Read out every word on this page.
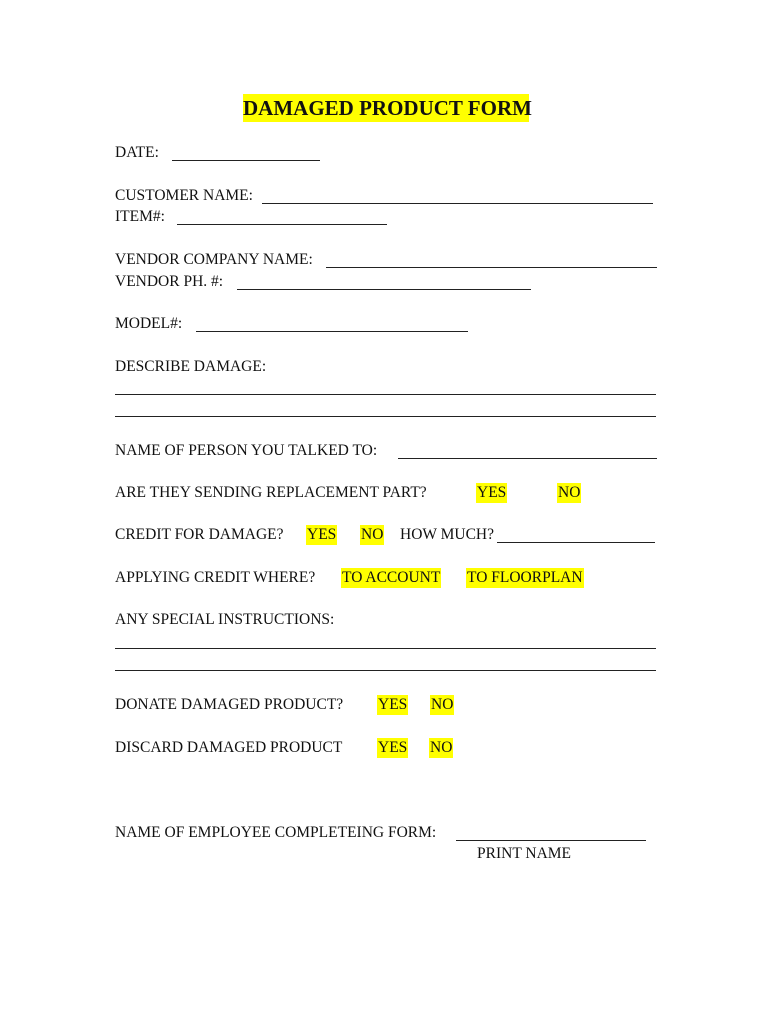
DAMAGED PRODUCT FORM
DATE:
CUSTOMER NAME:
ITEM#:
VENDOR COMPANY NAME:
VENDOR PH. #:
MODEL#:
DESCRIBE DAMAGE:
NAME OF PERSON YOU TALKED TO:
ARE THEY SENDING REPLACEMENT PART?	YES	NO
CREDIT FOR DAMAGE? YES NO HOW MUCH?
APPLYING CREDIT WHERE? TO ACCOUNT TO FLOORPLAN
ANY SPECIAL INSTRUCTIONS:
DONATE DAMAGED PRODUCT? YES NO
DISCARD DAMAGED PRODUCT YES NO
NAME OF EMPLOYEE COMPLETEING FORM:
PRINT NAME
